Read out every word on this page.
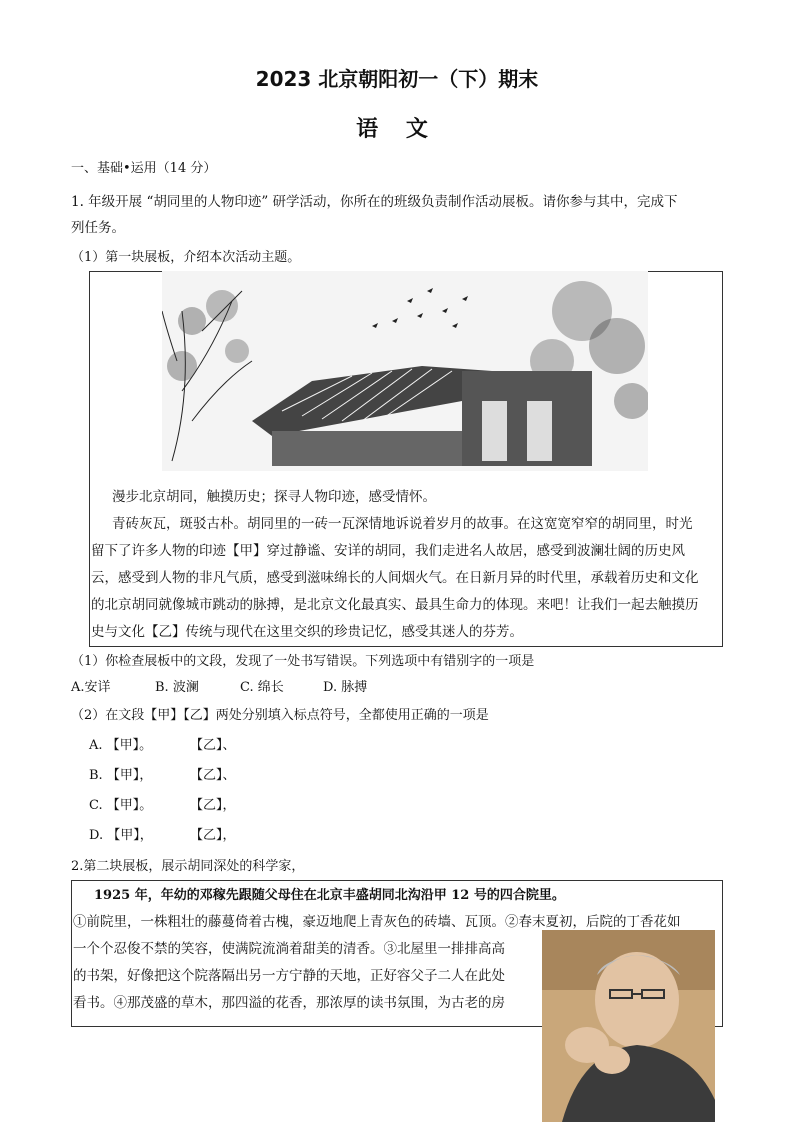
2023 北京朝阳初一（下）期末
语 文
一、基础•运用（14 分）
1. 年级开展 “胡同里的人物印迹” 研学活动，你所在的班级负责制作活动展板。请你参与其中，完成下
列任务。
（1）第一块展板，介绍本次活动主题。
漫步北京胡同，触摸历史；探寻人物印迹，感受情怀。
青砖灰瓦，斑驳古朴。胡同里的一砖一瓦深情地诉说着岁月的故事。在这宽宽窄窄的胡同里，时光
留下了许多人物的印迹【甲】穿过静谧、安详的胡同，我们走进名人故居，感受到波澜壮阔的历史风
云，感受到人物的非凡气质，感受到滋味绵长的人间烟火气。在日新月异的时代里，承载着历史和文化
的北京胡同就像城市跳动的脉搏，是北京文化最真实、最具生命力的体现。来吧！让我们一起去触摸历
史与文化【乙】传统与现代在这里交织的珍贵记忆，感受其迷人的芬芳。
（1）你检查展板中的文段，发现了一处书写错误。下列选项中有错别字的一项是
A.安详	B. 波澜	C. 绵长	D. 脉搏
（2）在文段【甲】【乙】两处分别填入标点符号，全都使用正确的一项是
A. 【甲】。	【乙】、
B. 【甲】，	【乙】、
C. 【甲】。	【乙】，
D. 【甲】，	【乙】，
2.第二块展板，展示胡同深处的科学家，
1925 年，年幼的邓稼先跟随父母住在北京丰盛胡同北沟沿甲 12 号的四合院里。
①前院里，一株粗壮的藤蔓倚着古槐，豪迈地爬上青灰色的砖墙、瓦顶。②春末夏初，后院的丁香花如
一个个忍俊不禁的笑容，使满院流淌着甜美的清香。③北屋里一排排高高
的书架，好像把这个院落隔出另一方宁静的天地，正好容父子二人在此处
看书。④那茂盛的草木，那四溢的花香，那浓厚的读书氛围，为古老的房
